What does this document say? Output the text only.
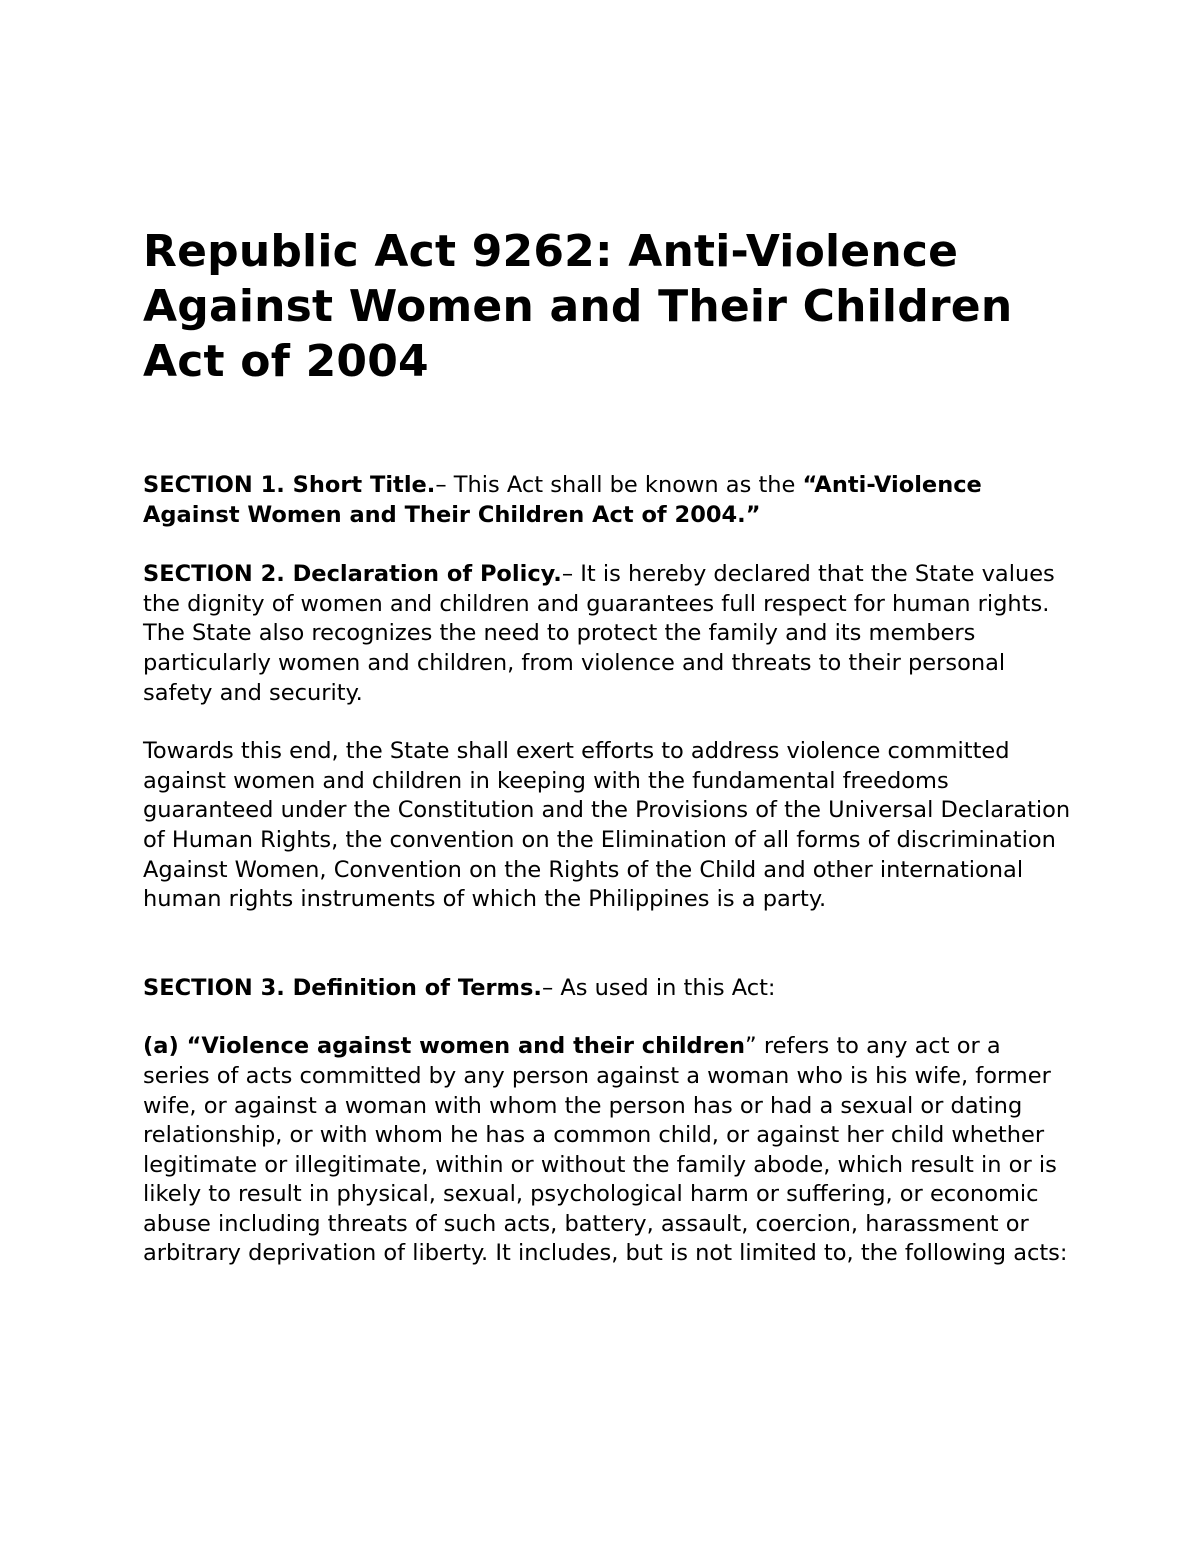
Republic Act 9262: Anti-Violence Against Women and Their Children Act of 2004

SECTION 1. Short Title.– This Act shall be known as the “Anti-Violence Against Women and Their Children Act of 2004.”

SECTION 2. Declaration of Policy.– It is hereby declared that the State values the dignity of women and children and guarantees full respect for human rights. The State also recognizes the need to protect the family and its members particularly women and children, from violence and threats to their personal safety and security.

Towards this end, the State shall exert efforts to address violence committed against women and children in keeping with the fundamental freedoms guaranteed under the Constitution and the Provisions of the Universal Declaration of Human Rights, the convention on the Elimination of all forms of discrimination Against Women, Convention on the Rights of the Child and other international human rights instruments of which the Philippines is a party.

SECTION 3. Definition of Terms.– As used in this Act:

(a) “Violence against women and their children” refers to any act or a series of acts committed by any person against a woman who is his wife, former wife, or against a woman with whom the person has or had a sexual or dating relationship, or with whom he has a common child, or against her child whether legitimate or illegitimate, within or without the family abode, which result in or is likely to result in physical, sexual, psychological harm or suffering, or economic abuse including threats of such acts, battery, assault, coercion, harassment or arbitrary deprivation of liberty. It includes, but is not limited to, the following acts:
